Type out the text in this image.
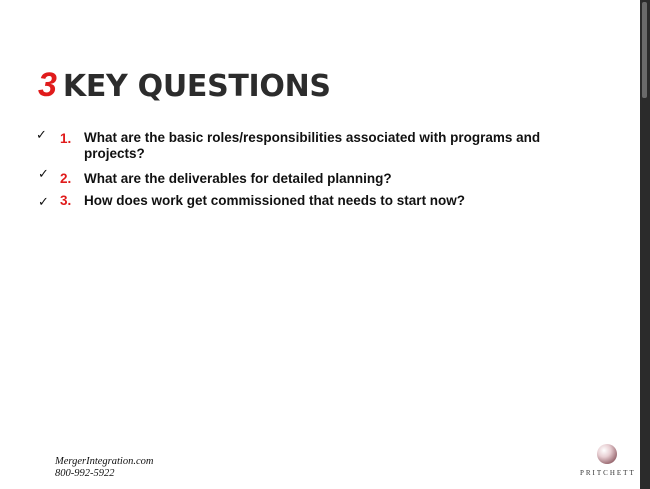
3 KEY QUESTIONS
✓ 1. What are the basic roles/responsibilities associated with programs and
projects?
✓ 2. What are the deliverables for detailed planning?
✓ 3. How does work get commissioned that needs to start now?
MergerIntegration.com
800-992-5922	PRITCHETT
